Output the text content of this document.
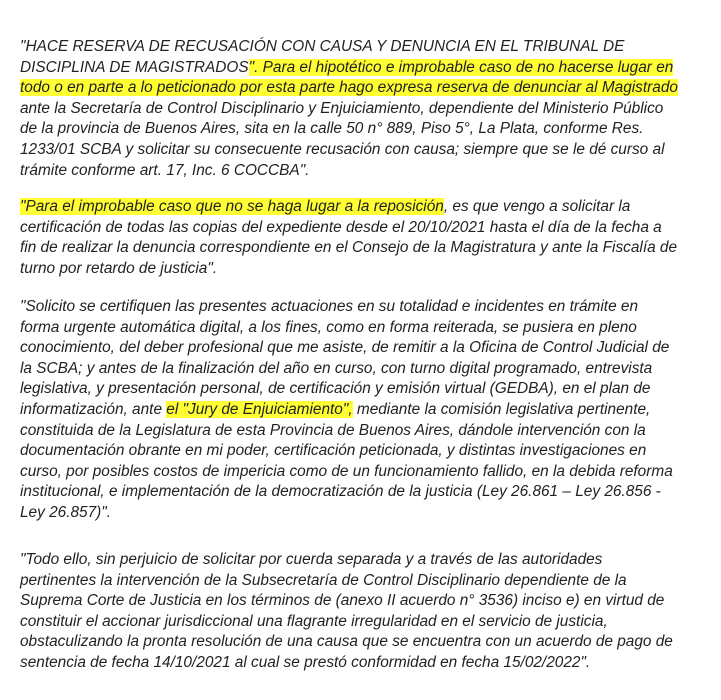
"HACE RESERVA DE RECUSACIÓN CON CAUSA Y DENUNCIA EN EL TRIBUNAL DE
DISCIPLINA DE MAGISTRADOS". Para el hipotético e improbable caso de no hacerse lugar en
todo o en parte a lo peticionado por esta parte hago expresa reserva de denunciar al Magistrado
ante la Secretaría de Control Disciplinario y Enjuiciamiento, dependiente del Ministerio Público
de la provincia de Buenos Aires, sita en la calle 50 n° 889, Piso 5°, La Plata, conforme Res.
1233/01 SCBA y solicitar su consecuente recusación con causa; siempre que se le dé curso al
trámite conforme art. 17, Inc. 6 COCCBA".

"Para el improbable caso que no se haga lugar a la reposición, es que vengo a solicitar la
certificación de todas las copias del expediente desde el 20/10/2021 hasta el día de la fecha a
fin de realizar la denuncia correspondiente en el Consejo de la Magistratura y ante la Fiscalía de
turno por retardo de justicia".

"Solicito se certifiquen las presentes actuaciones en su totalidad e incidentes en trámite en
forma urgente automática digital, a los fines, como en forma reiterada, se pusiera en pleno
conocimiento, del deber profesional que me asiste, de remitir a la Oficina de Control Judicial de
la SCBA; y antes de la finalización del año en curso, con turno digital programado, entrevista
legislativa, y presentación personal, de certificación y emisión virtual (GEDBA), en el plan de
informatización, ante el "Jury de Enjuiciamiento", mediante la comisión legislativa pertinente,
constituida de la Legislatura de esta Provincia de Buenos Aires, dándole intervención con la
documentación obrante en mi poder, certificación peticionada, y distintas investigaciones en
curso, por posibles costos de impericia como de un funcionamiento fallido, en la debida reforma
institucional, e implementación de la democratización de la justicia (Ley 26.861 – Ley 26.856 -
Ley 26.857)".

"Todo ello, sin perjuicio de solicitar por cuerda separada y a través de las autoridades
pertinentes la intervención de la Subsecretaría de Control Disciplinario dependiente de la
Suprema Corte de Justicia en los términos de (anexo II acuerdo n° 3536) inciso e) en virtud de
constituir el accionar jurisdiccional una flagrante irregularidad en el servicio de justicia,
obstaculizando la pronta resolución de una causa que se encuentra con un acuerdo de pago de
sentencia de fecha 14/10/2021 al cual se prestó conformidad en fecha 15/02/2022".
